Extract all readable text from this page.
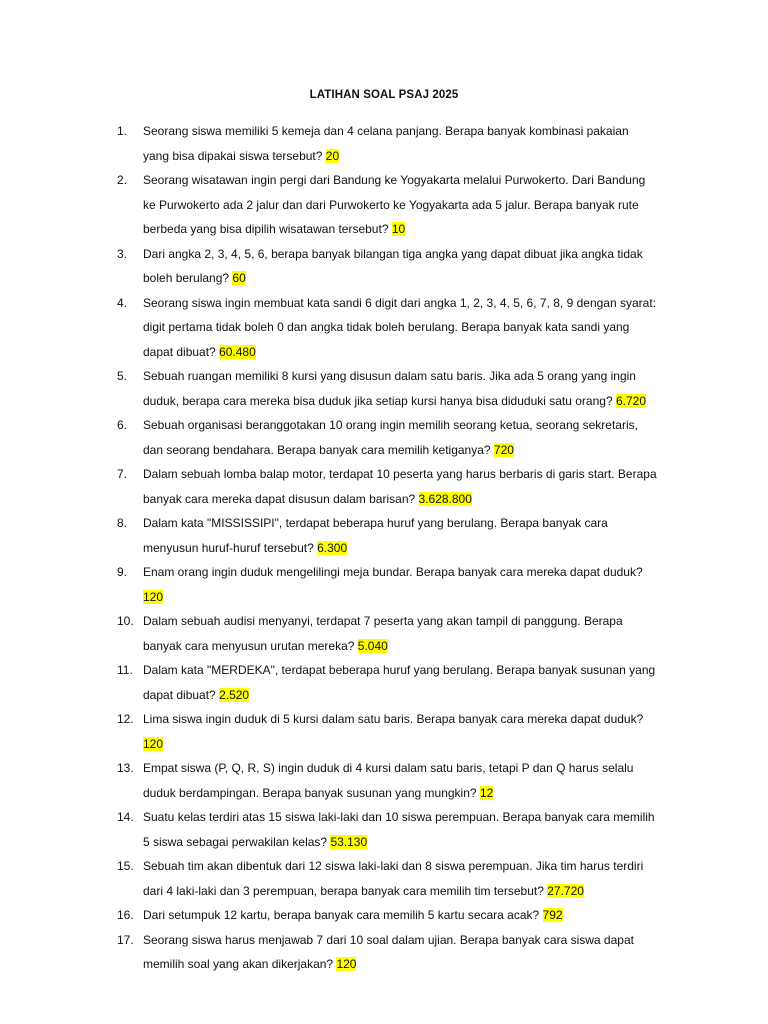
LATIHAN SOAL PSAJ 2025
1.	Seorang siswa memiliki 5 kemeja dan 4 celana panjang. Berapa banyak kombinasi pakaian yang bisa dipakai siswa tersebut? 20
2.	Seorang wisatawan ingin pergi dari Bandung ke Yogyakarta melalui Purwokerto. Dari Bandung ke Purwokerto ada 2 jalur dan dari Purwokerto ke Yogyakarta ada 5 jalur. Berapa banyak rute berbeda yang bisa dipilih wisatawan tersebut? 10
3.	Dari angka 2, 3, 4, 5, 6, berapa banyak bilangan tiga angka yang dapat dibuat jika angka tidak boleh berulang? 60
4.	Seorang siswa ingin membuat kata sandi 6 digit dari angka 1, 2, 3, 4, 5, 6, 7, 8, 9 dengan syarat: digit pertama tidak boleh 0 dan angka tidak boleh berulang. Berapa banyak kata sandi yang dapat dibuat? 60.480
5.	Sebuah ruangan memiliki 8 kursi yang disusun dalam satu baris. Jika ada 5 orang yang ingin duduk, berapa cara mereka bisa duduk jika setiap kursi hanya bisa diduduki satu orang? 6.720
6.	Sebuah organisasi beranggotakan 10 orang ingin memilih seorang ketua, seorang sekretaris, dan seorang bendahara. Berapa banyak cara memilih ketiganya? 720
7.	Dalam sebuah lomba balap motor, terdapat 10 peserta yang harus berbaris di garis start. Berapa banyak cara mereka dapat disusun dalam barisan? 3.628.800
8.	Dalam kata "MISSISSIPI", terdapat beberapa huruf yang berulang. Berapa banyak cara menyusun huruf-huruf tersebut? 6.300
9.	Enam orang ingin duduk mengelilingi meja bundar. Berapa banyak cara mereka dapat duduk? 120
10. Dalam sebuah audisi menyanyi, terdapat 7 peserta yang akan tampil di panggung. Berapa banyak cara menyusun urutan mereka? 5.040
11. Dalam kata "MERDEKA", terdapat beberapa huruf yang berulang. Berapa banyak susunan yang dapat dibuat? 2.520
12. Lima siswa ingin duduk di 5 kursi dalam satu baris. Berapa banyak cara mereka dapat duduk? 120
13. Empat siswa (P, Q, R, S) ingin duduk di 4 kursi dalam satu baris, tetapi P dan Q harus selalu duduk berdampingan. Berapa banyak susunan yang mungkin? 12
14. Suatu kelas terdiri atas 15 siswa laki-laki dan 10 siswa perempuan. Berapa banyak cara memilih 5 siswa sebagai perwakilan kelas? 53.130
15. Sebuah tim akan dibentuk dari 12 siswa laki-laki dan 8 siswa perempuan. Jika tim harus terdiri dari 4 laki-laki dan 3 perempuan, berapa banyak cara memilih tim tersebut? 27.720
16. Dari setumpuk 12 kartu, berapa banyak cara memilih 5 kartu secara acak? 792
17. Seorang siswa harus menjawab 7 dari 10 soal dalam ujian. Berapa banyak cara siswa dapat memilih soal yang akan dikerjakan? 120
